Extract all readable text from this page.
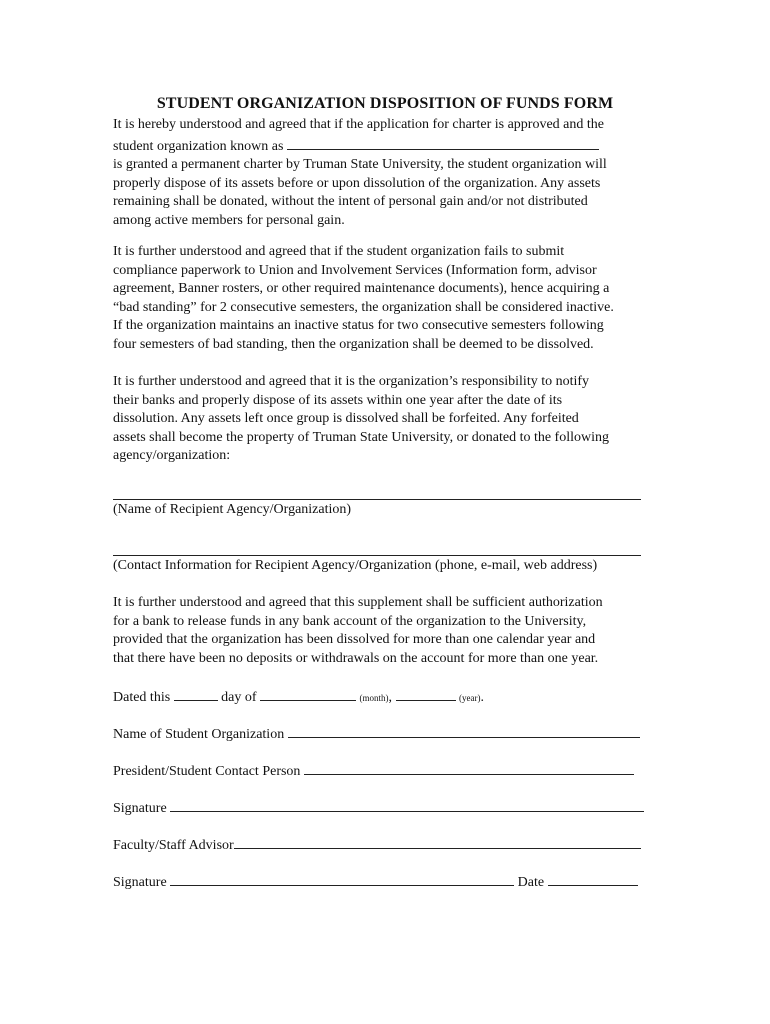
STUDENT ORGANIZATION DISPOSITION OF FUNDS FORM
It is hereby understood and agreed that if the application for charter is approved and the
student organization known as
is granted a permanent charter by Truman State University, the student organization will
properly dispose of its assets before or upon dissolution of the organization. Any assets
remaining shall be donated, without the intent of personal gain and/or not distributed
among active members for personal gain.
It is further understood and agreed that if the student organization fails to submit
compliance paperwork to Union and Involvement Services (Information form, advisor
agreement, Banner rosters, or other required maintenance documents), hence acquiring a
“bad standing” for 2 consecutive semesters, the organization shall be considered inactive.
If the organization maintains an inactive status for two consecutive semesters following
four semesters of bad standing, then the organization shall be deemed to be dissolved.
It is further understood and agreed that it is the organization’s responsibility to notify
their banks and properly dispose of its assets within one year after the date of its
dissolution. Any assets left once group is dissolved shall be forfeited. Any forfeited
assets shall become the property of Truman State University, or donated to the following
agency/organization:
(Name of Recipient Agency/Organization)
(Contact Information for Recipient Agency/Organization (phone, e-mail, web address)
It is further understood and agreed that this supplement shall be sufficient authorization
for a bank to release funds in any bank account of the organization to the University,
provided that the organization has been dissolved for more than one calendar year and
that there have been no deposits or withdrawals on the account for more than one year.
Dated this	day of	(month),	(year).
Name of Student Organization
President/Student Contact Person
Signature
Faculty/Staff Advisor
Signature	Date
